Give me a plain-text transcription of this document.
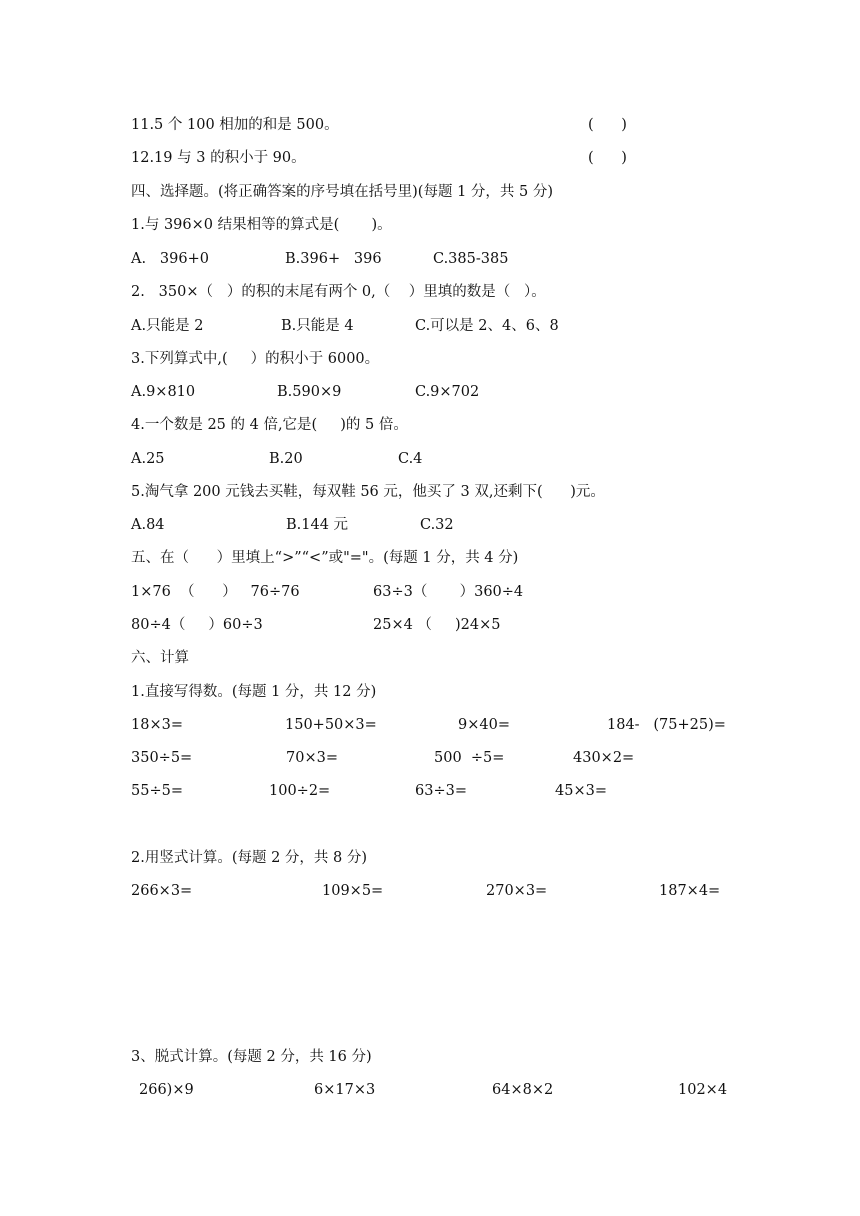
11.5 个 100 相加的和是 500。	(      )
12.19 与 3 的积小于 90。	(      )
四、选择题。(将正确答案的序号填在括号里)(每题 1 分，共 5 分)
1.与 396×0 结果相等的算式是(       )。
A.   396+0	B.396+   396	C.385-385
2.   350×（   ）的积的末尾有两个 0,（    ）里填的数是（   ）。
A.只能是 2	B.只能是 4	C.可以是 2、4、6、8
3.下列算式中,(     ）的积小于 6000。
A.9×810	B.590×9	C.9×702
4.一个数是 25 的 4 倍,它是(     )的 5 倍。
A.25	B.20	C.4
5.淘气拿 200 元钱去买鞋，每双鞋 56 元，他买了 3 双,还剩下(      )元。
A.84	B.144 元	C.32
五、在（      ）里填上“>”“<”或"="。(每题 1 分，共 4 分)
1×76  （      ）   76÷76	63÷3（       ）360÷4
80÷4（     ）60÷3	25×4 （     )24×5
六、计算
1.直接写得数。(每题 1 分，共 12 分)
18×3=	150+50×3=	9×40=	184-   (75+25)=
350÷5=	70×3=	500  ÷5=	430×2=
55÷5=	100÷2=	63÷3=	45×3=
2.用竖式计算。(每题 2 分，共 8 分)
266×3=	109×5=	270×3=	187×4=
3、脱式计算。(每题 2 分，共 16 分)
266)×9	6×17×3	64×8×2	102×4
